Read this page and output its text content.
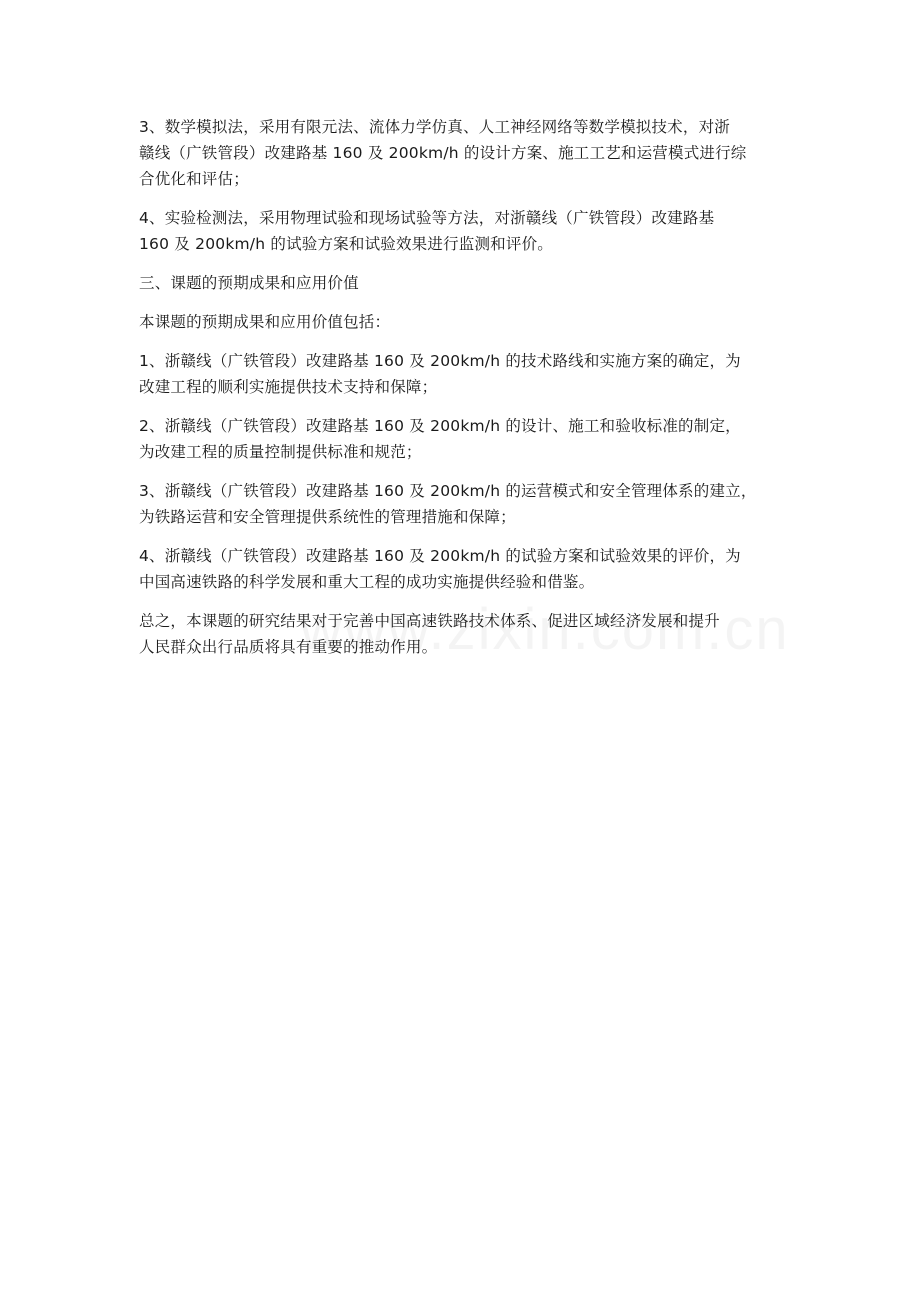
3、数学模拟法，采用有限元法、流体力学仿真、人工神经网络等数学模拟技术，对浙
赣线（广铁管段）改建路基 160 及 200km/h 的设计方案、施工工艺和运营模式进行综
合优化和评估；

4、实验检测法，采用物理试验和现场试验等方法，对浙赣线（广铁管段）改建路基
160 及 200km/h 的试验方案和试验效果进行监测和评价。

三、课题的预期成果和应用价值

本课题的预期成果和应用价值包括：

1、浙赣线（广铁管段）改建路基 160 及 200km/h 的技术路线和实施方案的确定，为
改建工程的顺利实施提供技术支持和保障；

2、浙赣线（广铁管段）改建路基 160 及 200km/h 的设计、施工和验收标准的制定，
为改建工程的质量控制提供标准和规范；

3、浙赣线（广铁管段）改建路基 160 及 200km/h 的运营模式和安全管理体系的建立，
为铁路运营和安全管理提供系统性的管理措施和保障；

4、浙赣线（广铁管段）改建路基 160 及 200km/h 的试验方案和试验效果的评价，为
中国高速铁路的科学发展和重大工程的成功实施提供经验和借鉴。

总之，本课题的研究结果对于完善中国高速铁路技术体系、促进区域经济发展和提升
人民群众出行品质将具有重要的推动作用。
